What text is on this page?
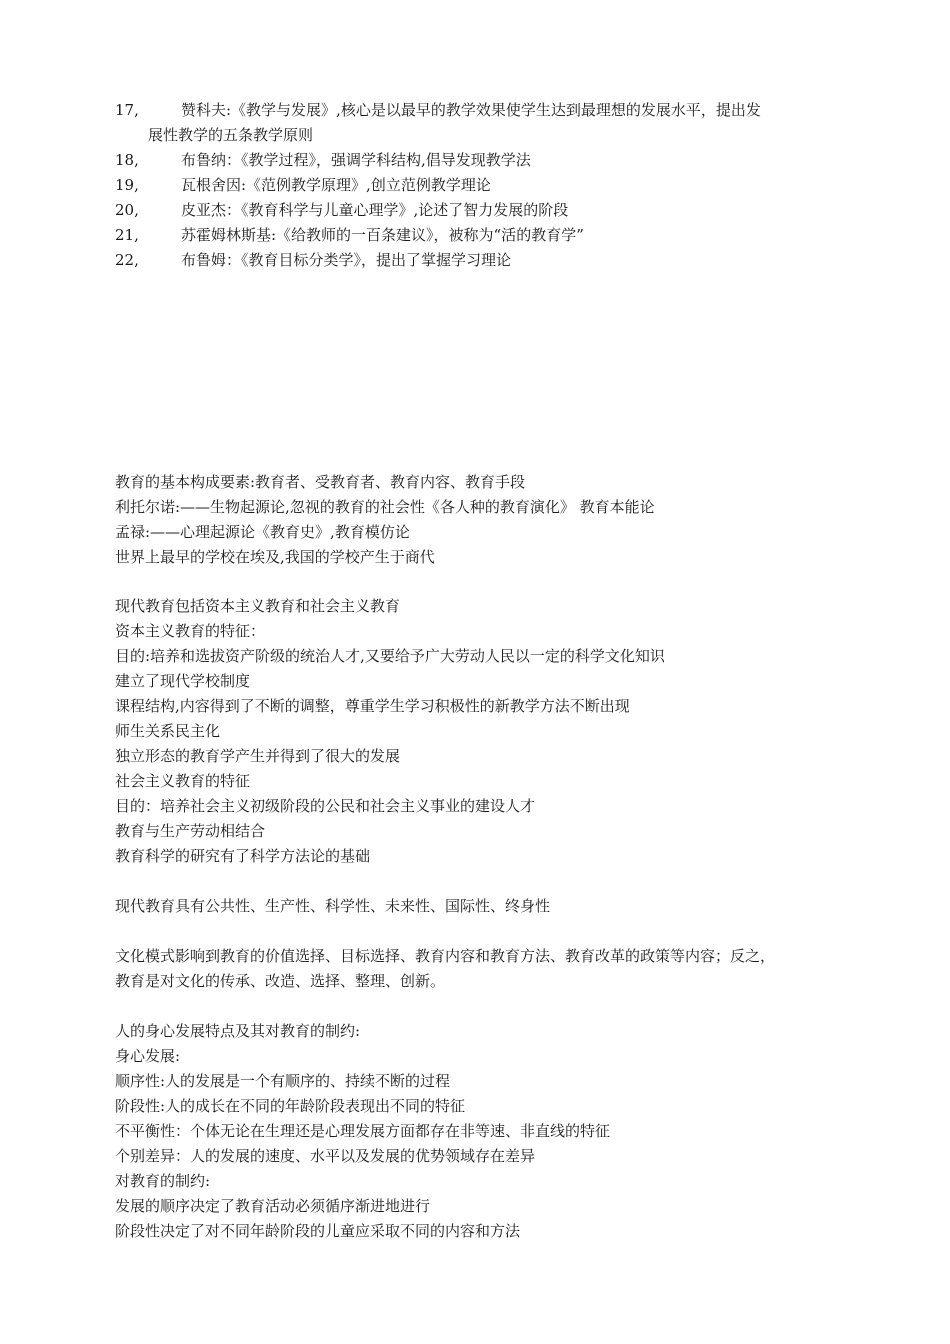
17,	赞科夫:《教学与发展》,核心是以最早的教学效果使学生达到最理想的发展水平，提出发
展性教学的五条教学原则
18,	布鲁纳：《教学过程》，强调学科结构,倡导发现教学法
19,	瓦根舍因:《范例教学原理》,创立范例教学理论
20,	皮亚杰：《教育科学与儿童心理学》,论述了智力发展的阶段
21,	苏霍姆林斯基:《给教师的一百条建议》，被称为“活的教育学”
22,	布鲁姆：《教育目标分类学》，提出了掌握学习理论
教育的基本构成要素:教育者、受教育者、教育内容、教育手段
利托尔诺:——生物起源论,忽视的教育的社会性《各人种的教育演化》 教育本能论
孟禄:——心理起源论《教育史》,教育模仿论
世界上最早的学校在埃及,我国的学校产生于商代
现代教育包括资本主义教育和社会主义教育
资本主义教育的特征：
目的:培养和选拔资产阶级的统治人才,又要给予广大劳动人民以一定的科学文化知识
建立了现代学校制度
课程结构,内容得到了不断的调整，尊重学生学习积极性的新教学方法不断出现
师生关系民主化
独立形态的教育学产生并得到了很大的发展
社会主义教育的特征
目的：培养社会主义初级阶段的公民和社会主义事业的建设人才
教育与生产劳动相结合
教育科学的研究有了科学方法论的基础
现代教育具有公共性、生产性、科学性、未来性、国际性、终身性
文化模式影响到教育的价值选择、目标选择、教育内容和教育方法、教育改革的政策等内容；反之，
教育是对文化的传承、改造、选择、整理、创新。
人的身心发展特点及其对教育的制约:
身心发展:
顺序性:人的发展是一个有顺序的、持续不断的过程
阶段性:人的成长在不同的年龄阶段表现出不同的特征
不平衡性：个体无论在生理还是心理发展方面都存在非等速、非直线的特征
个别差异：人的发展的速度、水平以及发展的优势领域存在差异
对教育的制约:
发展的顺序决定了教育活动必须循序渐进地进行
阶段性决定了对不同年龄阶段的儿童应采取不同的内容和方法
